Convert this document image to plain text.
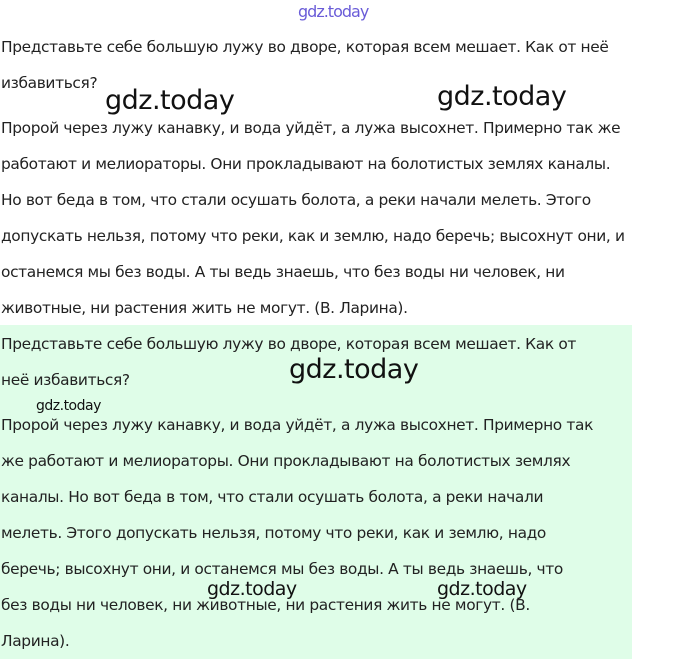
Представьте себе большую лужу во дворе, которая всем мешает. Как от неё

избавиться?

Пророй через лужу канавку, и вода уйдёт, а лужа высохнет. Примерно так же

работают и мелиораторы. Они прокладывают на болотистых землях каналы.

Но вот беда в том, что стали осушать болота, а реки начали мелеть. Этого

допускать нельзя, потому что реки, как и землю, надо беречь; высохнут они, и

останемся мы без воды. А ты ведь знаешь, что без воды ни человек, ни

животные, ни растения жить не могут. (В. Ларина).

Представьте себе большую лужу во дворе, которая всем мешает. Как от

неё избавиться?

Пророй через лужу канавку, и вода уйдёт, а лужа высохнет. Примерно так

же работают и мелиораторы. Они прокладывают на болотистых землях

каналы. Но вот беда в том, что стали осушать болота, а реки начали

мелеть. Этого допускать нельзя, потому что реки, как и землю, надо

беречь; высохнут они, и останемся мы без воды. А ты ведь знаешь, что

без воды ни человек, ни животные, ни растения жить не могут. (В.

Ларина).

gdz.today
gdz.today	gdz.today
gdz.today
gdz.today
gdz.today	gdz.today
